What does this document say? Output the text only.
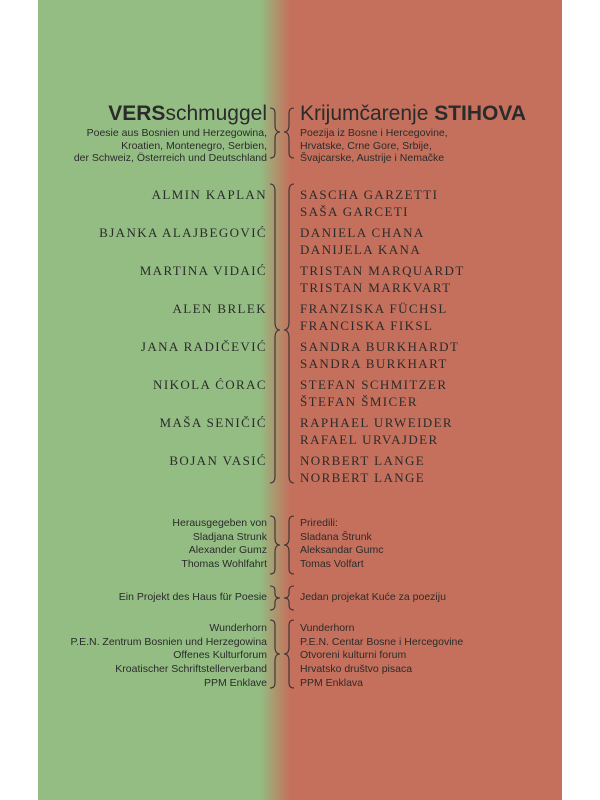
VERSschmuggel Krijumčarenje STIHOVA
Poesie aus Bosnien und Herzegowina,
Kroatien, Montenegro, Serbien,
der Schweiz, Österreich und Deutschland
Poezija iz Bosne i Hercegovine,
Hrvatske, Crne Gore, Srbije,
Švajcarske, Austrije i Nemačke
ALMIN KAPLAN
BJANKA ALAJBEGOVIĆ
MARTINA VIDAIĆ
ALEN BRLEK
JANA RADIČEVIĆ
NIKOLA ĆORAC
MAŠA SENIČIĆ
BOJAN VASIĆ
SASCHA GARZETTI
SAŠA GARCETI
DANIELA CHANA
DANIJELA KANA
TRISTAN MARQUARDT
TRISTAN MARKVART
FRANZISKA FÜCHSL
FRANCISKA FIKSL
SANDRA BURKHARDT
SANDRA BURKHART
STEFAN SCHMITZER
ŠTEFAN ŠMICER
RAPHAEL URWEIDER
RAFAEL URVAJDER
NORBERT LANGE
NORBERT LANGE
Herausgegeben von
Sladjana Strunk
Alexander Gumz
Thomas Wohlfahrt
Priredili:
Sladana Štrunk
Aleksandar Gumc
Tomas Volfart
Ein Projekt des Haus für Poesie	Jedan projekat Kuće za poeziju
Wunderhorn
P.E.N. Zentrum Bosnien und Herzegowina
Offenes Kulturforum
Kroatischer Schriftstellerverband
PPM Enklave
Vunderhorn
P.E.N. Centar Bosne i Hercegovine
Otvoreni kulturni forum
Hrvatsko društvo pisaca
PPM Enklava
